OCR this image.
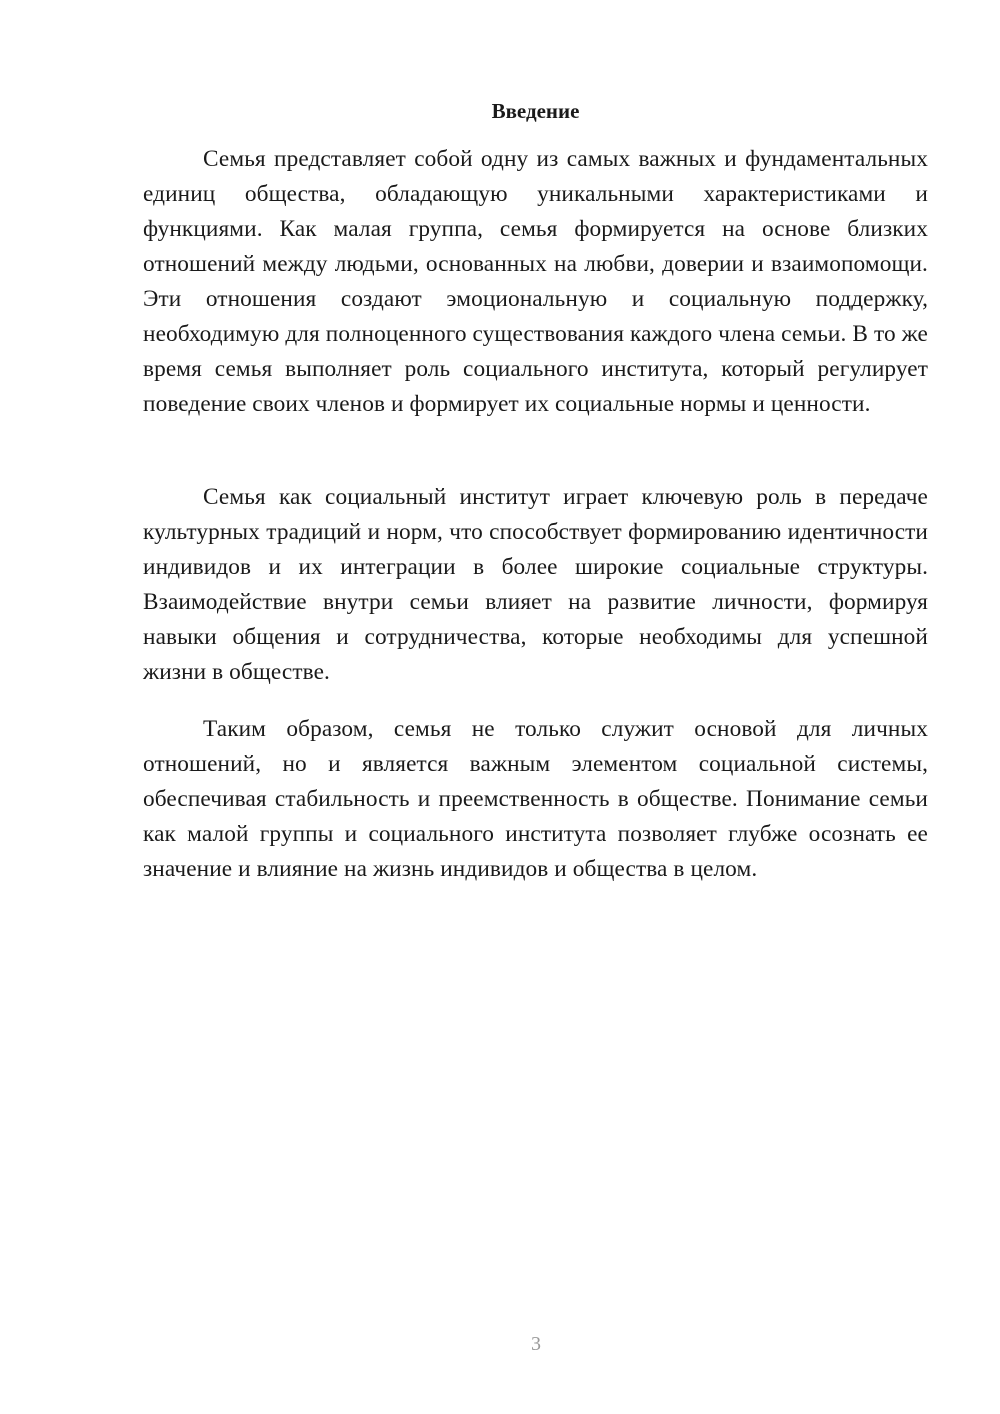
Введение

Семья представляет собой одну из самых важных и фундаментальных единиц общества, обладающую уникальными характеристиками и функциями. Как малая группа, семья формируется на основе близких отношений между людьми, основанных на любви, доверии и взаимопомощи. Эти отношения создают эмоциональную и социальную поддержку, необходимую для полноценного существования каждого члена семьи. В то же время семья выполняет роль социального института, который регулирует поведение своих членов и формирует их социальные нормы и ценности.

Семья как социальный институт играет ключевую роль в передаче культурных традиций и норм, что способствует формированию идентичности индивидов и их интеграции в более широкие социальные структуры. Взаимодействие внутри семьи влияет на развитие личности, формируя навыки общения и сотрудничества, которые необходимы для успешной жизни в обществе.

Таким образом, семья не только служит основой для личных отношений, но и является важным элементом социальной системы, обеспечивая стабильность и преемственность в обществе. Понимание семьи как малой группы и социального института позволяет глубже осознать ее значение и влияние на жизнь индивидов и общества в целом.

3
